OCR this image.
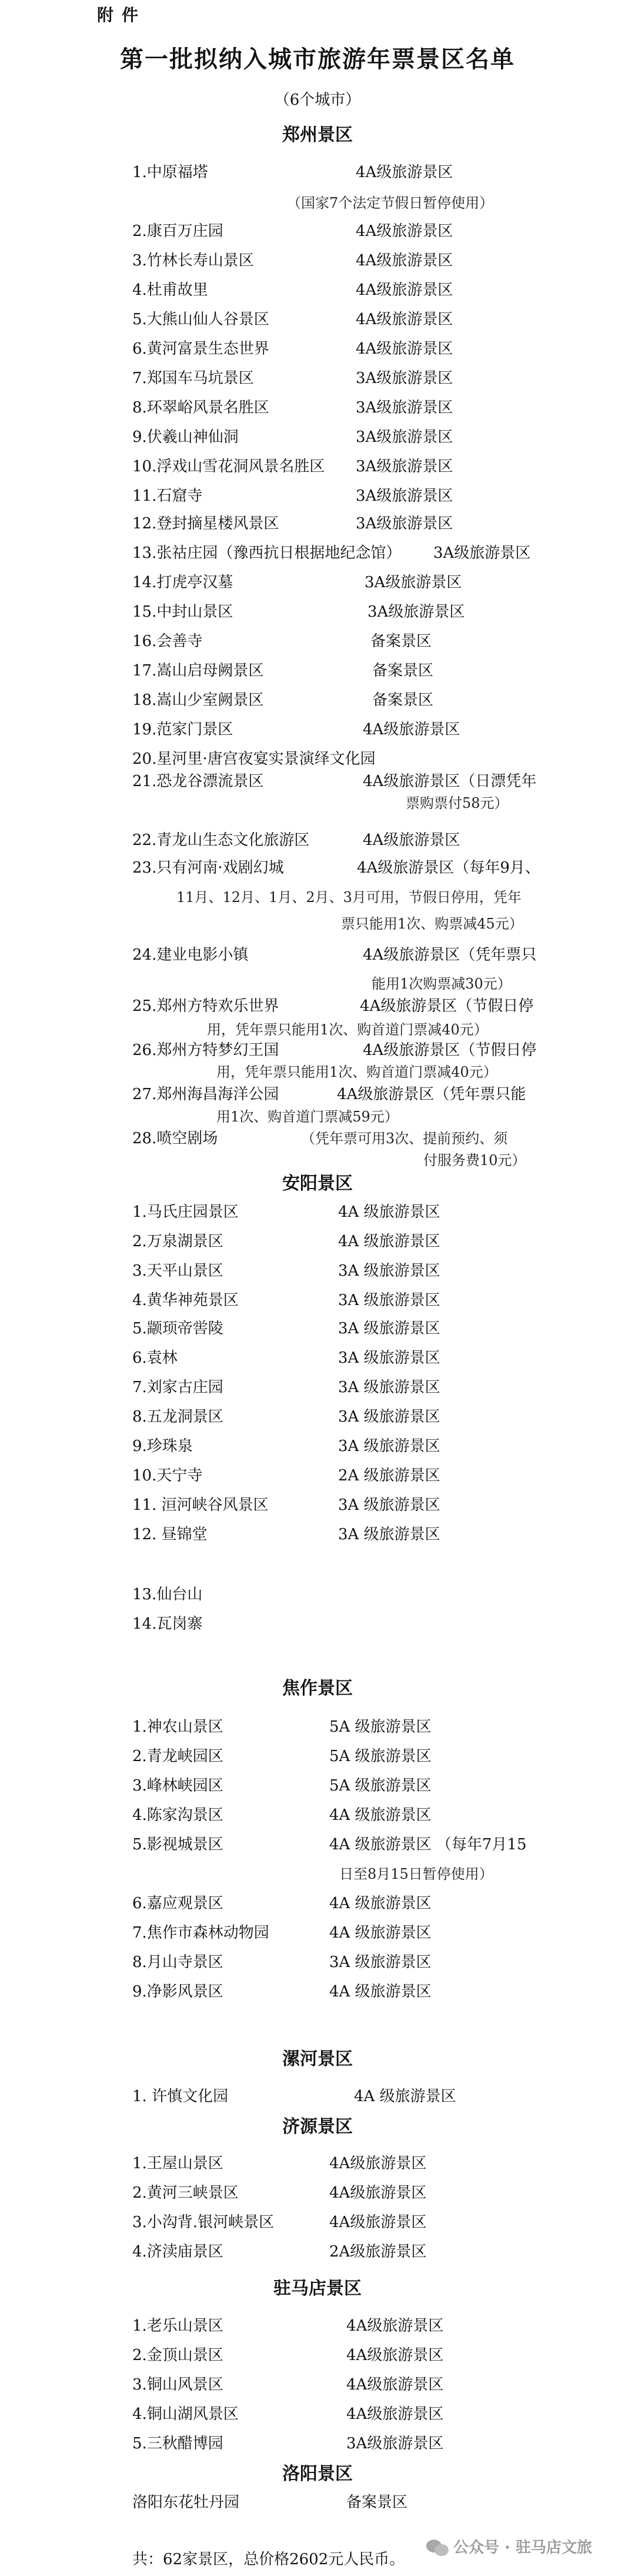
附件
第一批拟纳入城市旅游年票景区名单
（6个城市）
郑州景区
1.中原福塔	4A级旅游景区
（国家7个法定节假日暂停使用）
2.康百万庄园	4A级旅游景区
3.竹林长寿山景区	4A级旅游景区
4.杜甫故里	4A级旅游景区
5.大熊山仙人谷景区	4A级旅游景区
6.黄河富景生态世界	4A级旅游景区
7.郑国车马坑景区	3A级旅游景区
8.环翠峪风景名胜区	3A级旅游景区
9.伏羲山神仙洞	3A级旅游景区
10.浮戏山雪花洞风景名胜区 3A级旅游景区
11.石窟寺	3A级旅游景区
12.登封摘星楼风景区	3A级旅游景区
13.张祜庄园（豫西抗日根据地纪念馆） 3A级旅游景区
14.打虎亭汉墓	3A级旅游景区
15.中封山景区	3A级旅游景区
16.会善寺	备案景区
17.嵩山启母阙景区	备案景区
18.嵩山少室阙景区	备案景区
19.范家门景区	4A级旅游景区
20.星河里·唐宫夜宴实景演绎文化园
21.恐龙谷漂流景区	4A级旅游景区（日漂凭年
票购票付58元）
22.青龙山生态文化旅游区	4A级旅游景区
23.只有河南·戏剧幻城	4A级旅游景区（每年9月、
11月、12月、1月、2月、3月可用，节假日停用，凭年
票只能用1次、购票减45元）
24.建业电影小镇	4A级旅游景区（凭年票只
能用1次购票减30元）
25.郑州方特欢乐世界	4A级旅游景区（节假日停
用，凭年票只能用1次、购首道门票减40元）
26.郑州方特梦幻王国	4A级旅游景区（节假日停
用，凭年票只能用1次、购首道门票减40元）
27.郑州海昌海洋公园	4A级旅游景区（凭年票只能
用1次、购首道门票减59元）
28.喷空剧场	（凭年票可用3次、提前预约、须
付服务费10元）
安阳景区
1.马氏庄园景区	4A 级旅游景区
2.万泉湖景区	4A 级旅游景区
3.天平山景区	3A 级旅游景区
4.黄华神苑景区	3A 级旅游景区
5.颛顼帝喾陵	3A 级旅游景区
6.袁林	3A 级旅游景区
7.刘家古庄园	3A 级旅游景区
8.五龙洞景区	3A 级旅游景区
9.珍珠泉	3A 级旅游景区
10.天宁寺	2A 级旅游景区
11. 洹河峡谷风景区	3A 级旅游景区
12. 昼锦堂	3A 级旅游景区
13.仙台山
14.瓦岗寨
焦作景区
1.神农山景区	5A 级旅游景区
2.青龙峡园区	5A 级旅游景区
3.峰林峡园区	5A 级旅游景区
4.陈家沟景区	4A 级旅游景区
5.影视城景区	4A 级旅游景区 （每年7月15
日至8月15日暂停使用）
6.嘉应观景区	4A 级旅游景区
7.焦作市森林动物园	4A 级旅游景区
8.月山寺景区	3A 级旅游景区
9.净影风景区	4A 级旅游景区
漯河景区
1. 许慎文化园	4A 级旅游景区
济源景区
1.王屋山景区	4A级旅游景区
2.黄河三峡景区	4A级旅游景区
3.小沟背.银河峡景区	4A级旅游景区
4.济渎庙景区	2A级旅游景区
驻马店景区
1.老乐山景区	4A级旅游景区
2.金顶山景区	4A级旅游景区
3.铜山风景区	4A级旅游景区
4.铜山湖风景区	4A级旅游景区
5.三秋醋博园	3A级旅游景区
洛阳景区
洛阳东花牡丹园	备案景区
共：62家景区，总价格2602元人民币。
公众号 · 驻马店文旅
